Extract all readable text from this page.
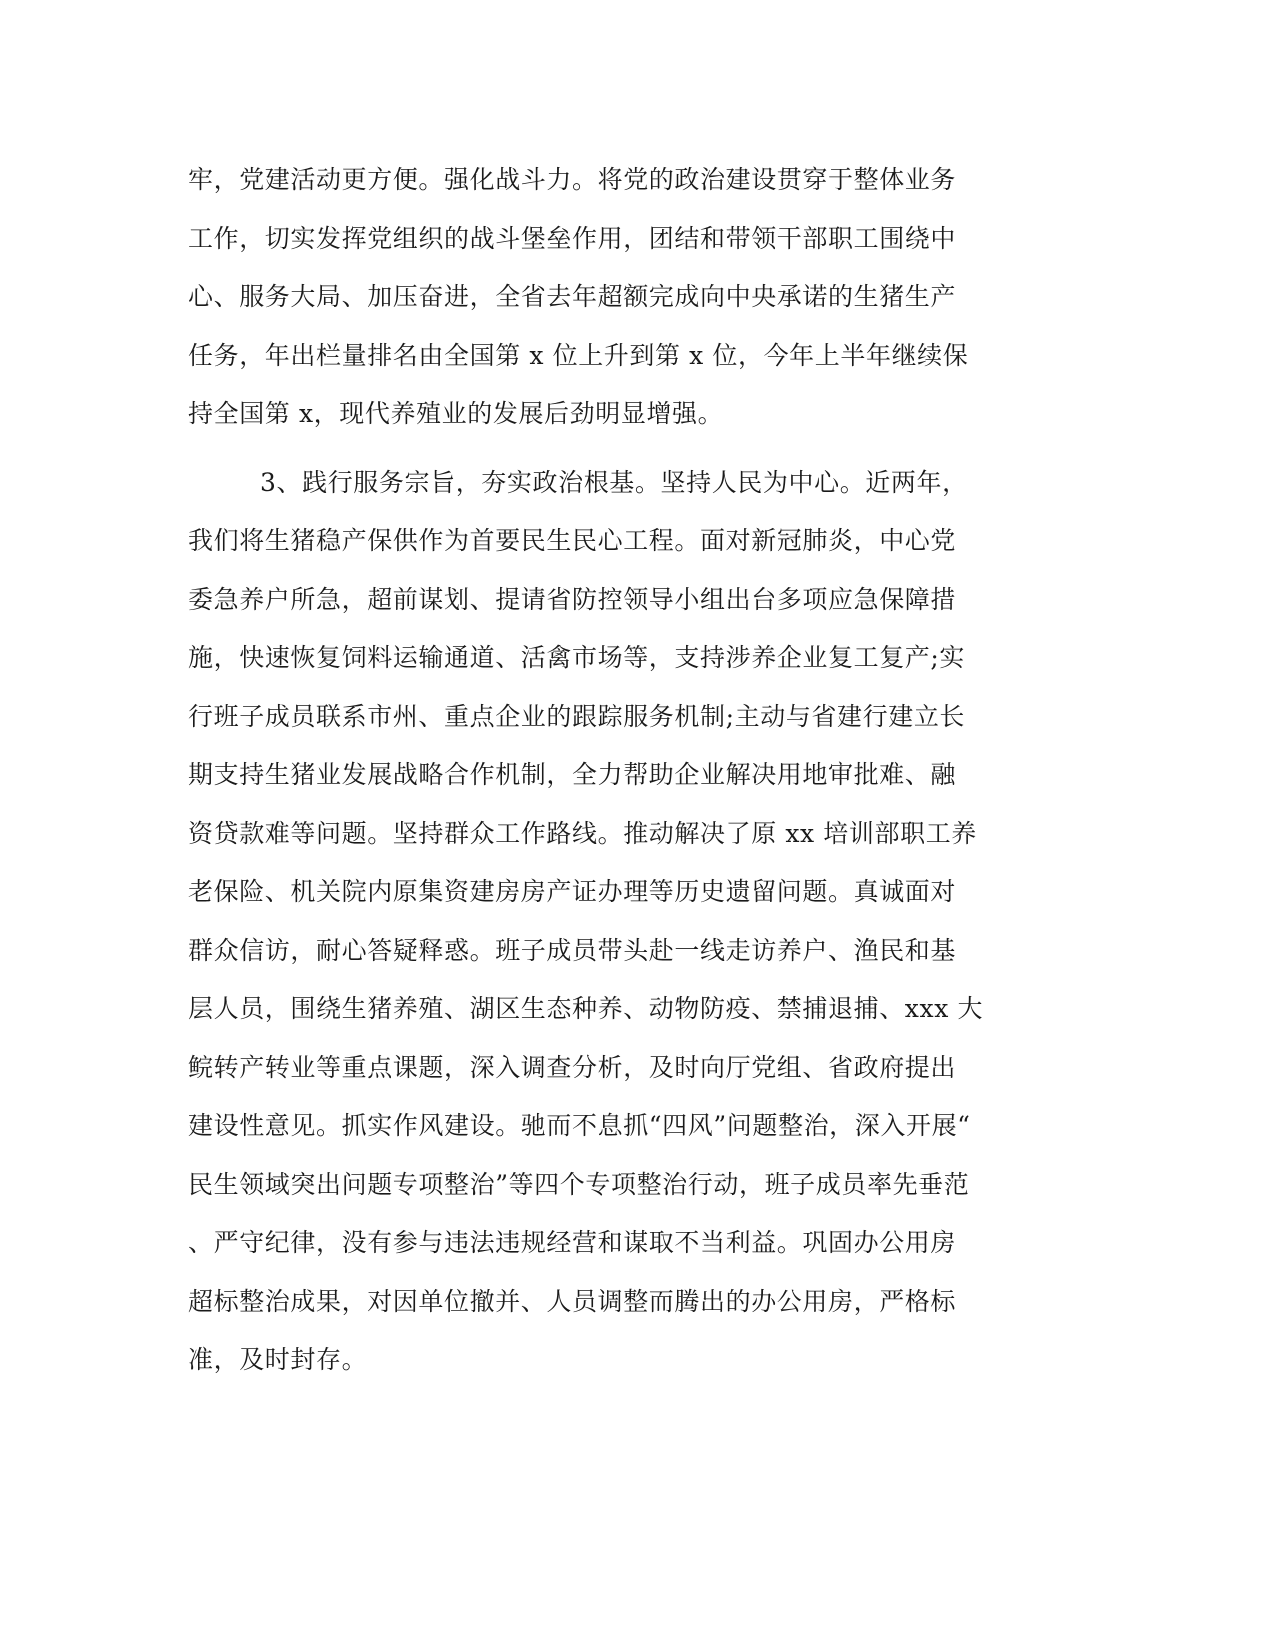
牢，党建活动更方便。强化战斗力。将党的政治建设贯穿于整体业务
工作，切实发挥党组织的战斗堡垒作用，团结和带领干部职工围绕中
心、服务大局、加压奋进，全省去年超额完成向中央承诺的生猪生产
任务，年出栏量排名由全国第 x 位上升到第 x 位，今年上半年继续保
持全国第 x，现代养殖业的发展后劲明显增强。
3、践行服务宗旨，夯实政治根基。坚持人民为中心。近两年，
我们将生猪稳产保供作为首要民生民心工程。面对新冠肺炎，中心党
委急养户所急，超前谋划、提请省防控领导小组出台多项应急保障措
施，快速恢复饲料运输通道、活禽市场等，支持涉养企业复工复产;实
行班子成员联系市州、重点企业的跟踪服务机制;主动与省建行建立长
期支持生猪业发展战略合作机制，全力帮助企业解决用地审批难、融
资贷款难等问题。坚持群众工作路线。推动解决了原 xx 培训部职工养
老保险、机关院内原集资建房房产证办理等历史遗留问题。真诚面对
群众信访，耐心答疑释惑。班子成员带头赴一线走访养户、渔民和基
层人员，围绕生猪养殖、湖区生态种养、动物防疫、禁捕退捕、xxx 大
鲩转产转业等重点课题，深入调查分析，及时向厅党组、省政府提出
建设性意见。抓实作风建设。驰而不息抓“四风”问题整治，深入开展“
民生领域突出问题专项整治”等四个专项整治行动，班子成员率先垂范
、严守纪律，没有参与违法违规经营和谋取不当利益。巩固办公用房
超标整治成果，对因单位撤并、人员调整而腾出的办公用房，严格标
准，及时封存。
